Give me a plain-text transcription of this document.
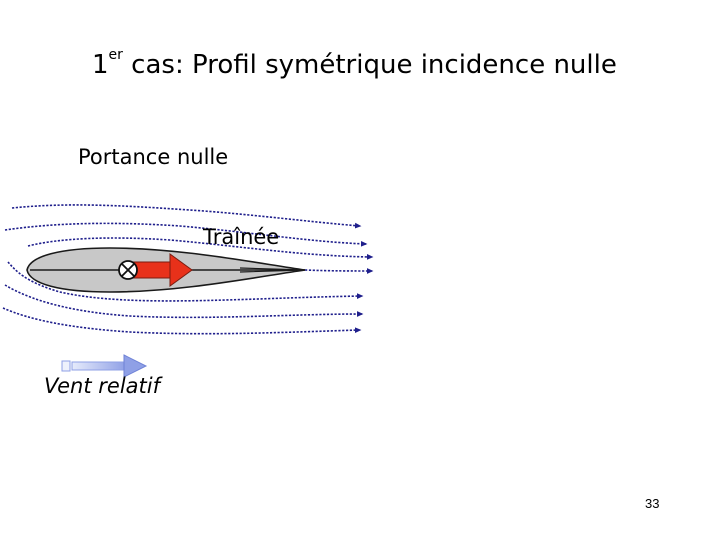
1er cas: Profil symétrique incidence nulle
Portance nulle
Traînée
Vent relatif
33
